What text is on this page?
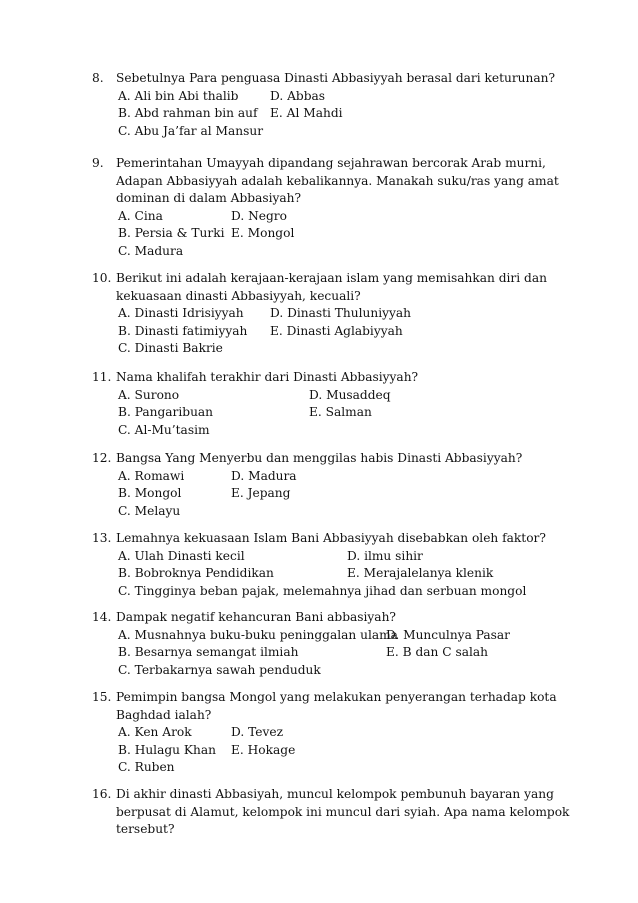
8.	Sebetulnya Para penguasa Dinasti Abbasiyyah berasal dari keturunan?
A. Ali bin Abi thalib	D. Abbas
B. Abd rahman bin auf E. Al Mahdi
C. Abu Ja’far al Mansur
9.	Pemerintahan Umayyah dipandang sejahrawan bercorak Arab murni, Adapan Abbasiyyah adalah kebalikannya. Manakah suku/ras yang amat dominan di dalam Abbasiyah?
A. Cina	D. Negro
B. Persia & Turki E. Mongol
C. Madura
10. Berikut ini adalah kerajaan-kerajaan islam yang memisahkan diri dan kekuasaan dinasti Abbasiyyah, kecuali?
A. Dinasti Idrisiyyah D. Dinasti Thuluniyyah
B. Dinasti fatimiyyah E. Dinasti Aglabiyyah
C. Dinasti Bakrie
11. Nama khalifah terakhir dari Dinasti Abbasiyyah?
A. Surono	D. Musaddeq
B. Pangaribuan	E. Salman
C. Al-Mu’tasim
12. Bangsa Yang Menyerbu dan menggilas habis Dinasti Abbasiyyah?
A. Romawi	D. Madura
B. Mongol	E. Jepang
C. Melayu
13. Lemahnya kekuasaan Islam Bani Abbasiyyah disebabkan oleh faktor?
A. Ulah Dinasti kecil	D. ilmu sihir
B. Bobroknya Pendidikan	E. Merajalelanya klenik
C. Tingginya beban pajak, melemahnya jihad dan serbuan mongol
14. Dampak negatif kehancuran Bani abbasiyah?
A. Musnahnya buku-buku peninggalan ulama
D. Munculnya Pasar
B. Besarnya semangat ilmiah	E. B dan C salah
C. Terbakarnya sawah penduduk
15. Pemimpin bangsa Mongol yang melakukan penyerangan terhadap kota Baghdad ialah?
A. Ken Arok	D. Tevez
B. Hulagu Khan E. Hokage
C. Ruben
16. Di akhir dinasti Abbasiyah, muncul kelompok pembunuh bayaran yang berpusat di Alamut, kelompok ini muncul dari syiah. Apa nama kelompok tersebut?
